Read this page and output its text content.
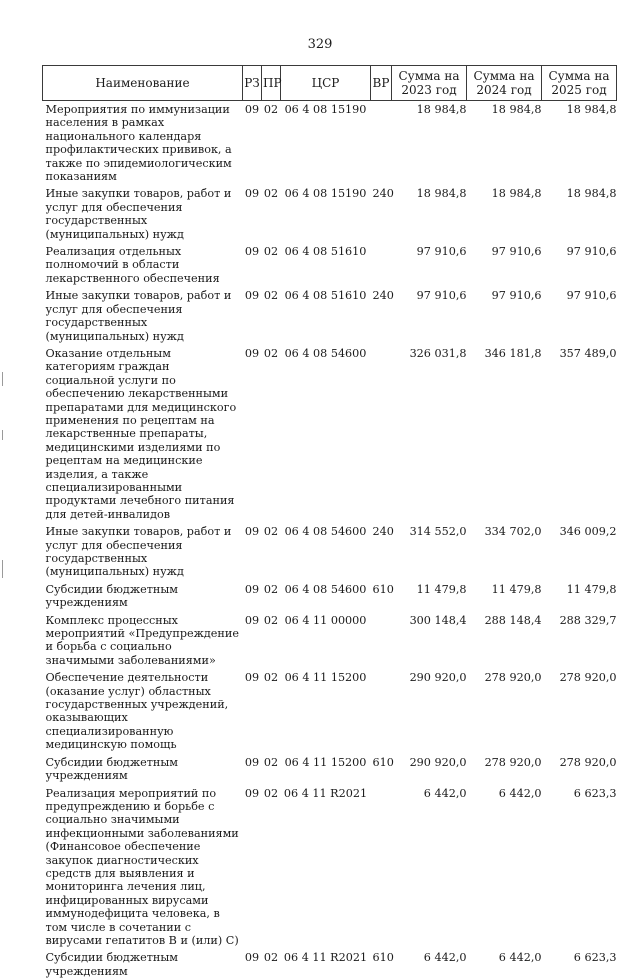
329
Наименование	РЗ	ПР	ЦСР	ВР	Сумма на 2023 год	Сумма на 2024 год	Сумма на 2025 год
Мероприятия по иммунизации населения в рамках национального календаря профилактических прививок, а также по эпидемиологическим показаниям	09	02	06 4 08 15190		18 984,8	18 984,8	18 984,8
Иные закупки товаров, работ и услуг для обеспечения государственных (муниципальных) нужд	09	02	06 4 08 15190	240	18 984,8	18 984,8	18 984,8
Реализация отдельных полномочий в области лекарственного обеспечения	09	02	06 4 08 51610		97 910,6	97 910,6	97 910,6
Иные закупки товаров, работ и услуг для обеспечения государственных (муниципальных) нужд	09	02	06 4 08 51610	240	97 910,6	97 910,6	97 910,6
Оказание отдельным категориям граждан социальной услуги по обеспечению лекарственными препаратами для медицинского применения по рецептам на лекарственные препараты, медицинскими изделиями по рецептам на медицинские изделия, а также специализированными продуктами лечебного питания для детей-инвалидов	09	02	06 4 08 54600		326 031,8	346 181,8	357 489,0
Иные закупки товаров, работ и услуг для обеспечения государственных (муниципальных) нужд	09	02	06 4 08 54600	240	314 552,0	334 702,0	346 009,2
Субсидии бюджетным учреждениям	09	02	06 4 08 54600	610	11 479,8	11 479,8	11 479,8
Комплекс процессных мероприятий «Предупреждение и борьба с социально значимыми заболеваниями»	09	02	06 4 11 00000		300 148,4	288 148,4	288 329,7
Обеспечение деятельности (оказание услуг) областных государственных учреждений, оказывающих специализированную медицинскую помощь	09	02	06 4 11 15200		290 920,0	278 920,0	278 920,0
Субсидии бюджетным учреждениям	09	02	06 4 11 15200	610	290 920,0	278 920,0	278 920,0
Реализация мероприятий по предупреждению и борьбе с социально значимыми инфекционными заболеваниями (Финансовое обеспечение закупок диагностических средств для выявления и мониторинга лечения лиц, инфицированных вирусами иммунодефицита человека, в том числе в сочетании с вирусами гепатитов B и (или) C)	09	02	06 4 11 R2021		6 442,0	6 442,0	6 623,3
Субсидии бюджетным учреждениям	09	02	06 4 11 R2021	610	6 442,0	6 442,0	6 623,3
